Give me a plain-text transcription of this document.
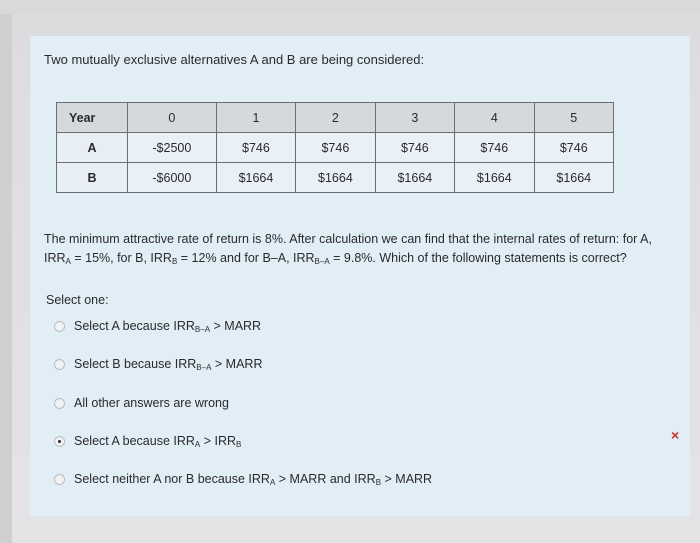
Two mutually exclusive alternatives A and B are being considered:
Year	0	1	2	3	4	5
A	-$2500	$746	$746	$746	$746	$746
B	-$6000	$1664	$1664	$1664	$1664	$1664
The minimum attractive rate of return is 8%. After calculation we can find that the internal rates of return: for A, $IRR_A = 15\%$, for B, $IRR_B = 12\%$ and for B–A, $IRR_{B-A} = 9.8\%$. Which of the following statements is correct?
Select one:
Select A because $IRR_{B-A}$ > MARR
Select B because $IRR_{B-A}$ > MARR
All other answers are wrong
Select A because $IRR_A > IRR_B$
×
Select neither A nor B because $IRR_A$ > MARR and $IRR_B$ > MARR
